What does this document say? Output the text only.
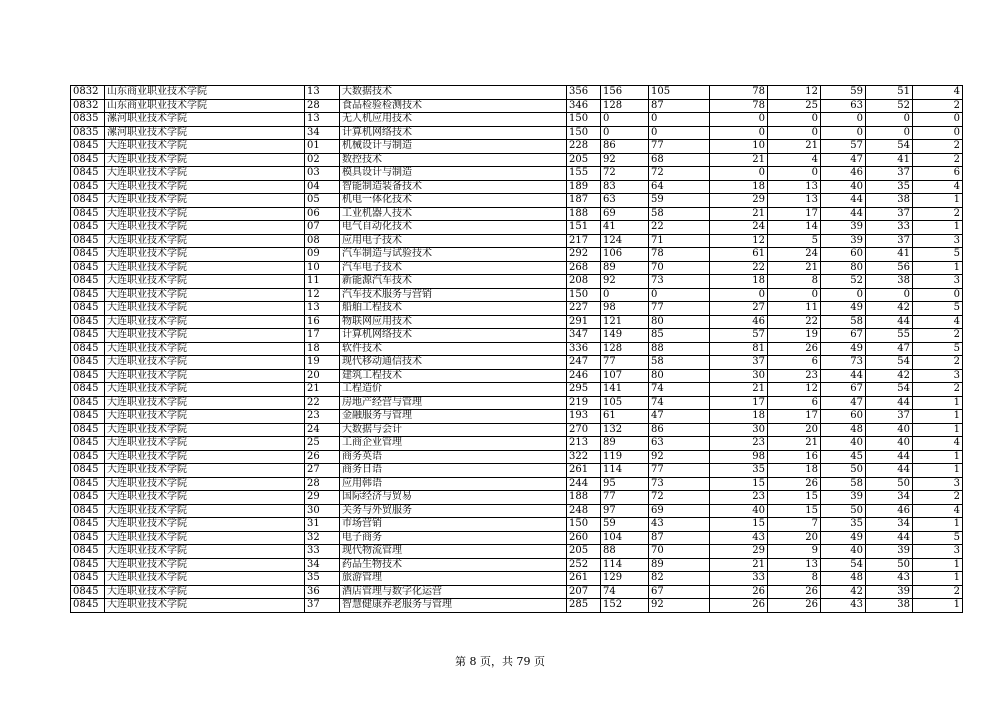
0832	山东商业职业技术学院	13	大数据技术	356	156	105	78	12	59	51	4
0832	山东商业职业技术学院	28	食品检验检测技术	346	128	87	78	25	63	52	2
0835	漯河职业技术学院	13	无人机应用技术	150	0	0	0	0	0	0	0
0835	漯河职业技术学院	34	计算机网络技术	150	0	0	0	0	0	0	0
0845	大连职业技术学院	01	机械设计与制造	228	86	77	10	21	57	54	2
0845	大连职业技术学院	02	数控技术	205	92	68	21	4	47	41	2
0845	大连职业技术学院	03	模具设计与制造	155	72	72	0	0	46	37	6
0845	大连职业技术学院	04	智能制造装备技术	189	83	64	18	13	40	35	4
0845	大连职业技术学院	05	机电一体化技术	187	63	59	29	13	44	38	1
0845	大连职业技术学院	06	工业机器人技术	188	69	58	21	17	44	37	2
0845	大连职业技术学院	07	电气自动化技术	151	41	22	24	14	39	33	1
0845	大连职业技术学院	08	应用电子技术	217	124	71	12	5	39	37	3
0845	大连职业技术学院	09	汽车制造与试验技术	292	106	78	61	24	60	41	5
0845	大连职业技术学院	10	汽车电子技术	268	89	70	22	21	80	56	1
0845	大连职业技术学院	11	新能源汽车技术	208	92	73	18	8	52	38	3
0845	大连职业技术学院	12	汽车技术服务与营销	150	0	0	0	0	0	0	0
0845	大连职业技术学院	13	船舶工程技术	227	98	77	27	11	49	42	5
0845	大连职业技术学院	16	物联网应用技术	291	121	80	46	22	58	44	4
0845	大连职业技术学院	17	计算机网络技术	347	149	85	57	19	67	55	2
0845	大连职业技术学院	18	软件技术	336	128	88	81	26	49	47	5
0845	大连职业技术学院	19	现代移动通信技术	247	77	58	37	6	73	54	2
0845	大连职业技术学院	20	建筑工程技术	246	107	80	30	23	44	42	3
0845	大连职业技术学院	21	工程造价	295	141	74	21	12	67	54	2
0845	大连职业技术学院	22	房地产经营与管理	219	105	74	17	6	47	44	1
0845	大连职业技术学院	23	金融服务与管理	193	61	47	18	17	60	37	1
0845	大连职业技术学院	24	大数据与会计	270	132	86	30	20	48	40	1
0845	大连职业技术学院	25	工商企业管理	213	89	63	23	21	40	40	4
0845	大连职业技术学院	26	商务英语	322	119	92	98	16	45	44	1
0845	大连职业技术学院	27	商务日语	261	114	77	35	18	50	44	1
0845	大连职业技术学院	28	应用韩语	244	95	73	15	26	58	50	3
0845	大连职业技术学院	29	国际经济与贸易	188	77	72	23	15	39	34	2
0845	大连职业技术学院	30	关务与外贸服务	248	97	69	40	15	50	46	4
0845	大连职业技术学院	31	市场营销	150	59	43	15	7	35	34	1
0845	大连职业技术学院	32	电子商务	260	104	87	43	20	49	44	5
0845	大连职业技术学院	33	现代物流管理	205	88	70	29	9	40	39	3
0845	大连职业技术学院	34	药品生物技术	252	114	89	21	13	54	50	1
0845	大连职业技术学院	35	旅游管理	261	129	82	33	8	48	43	1
0845	大连职业技术学院	36	酒店管理与数字化运营	207	74	67	26	26	42	39	2
0845	大连职业技术学院	37	智慧健康养老服务与管理	285	152	92	26	26	43	38	1
第 8 页，共 79 页
